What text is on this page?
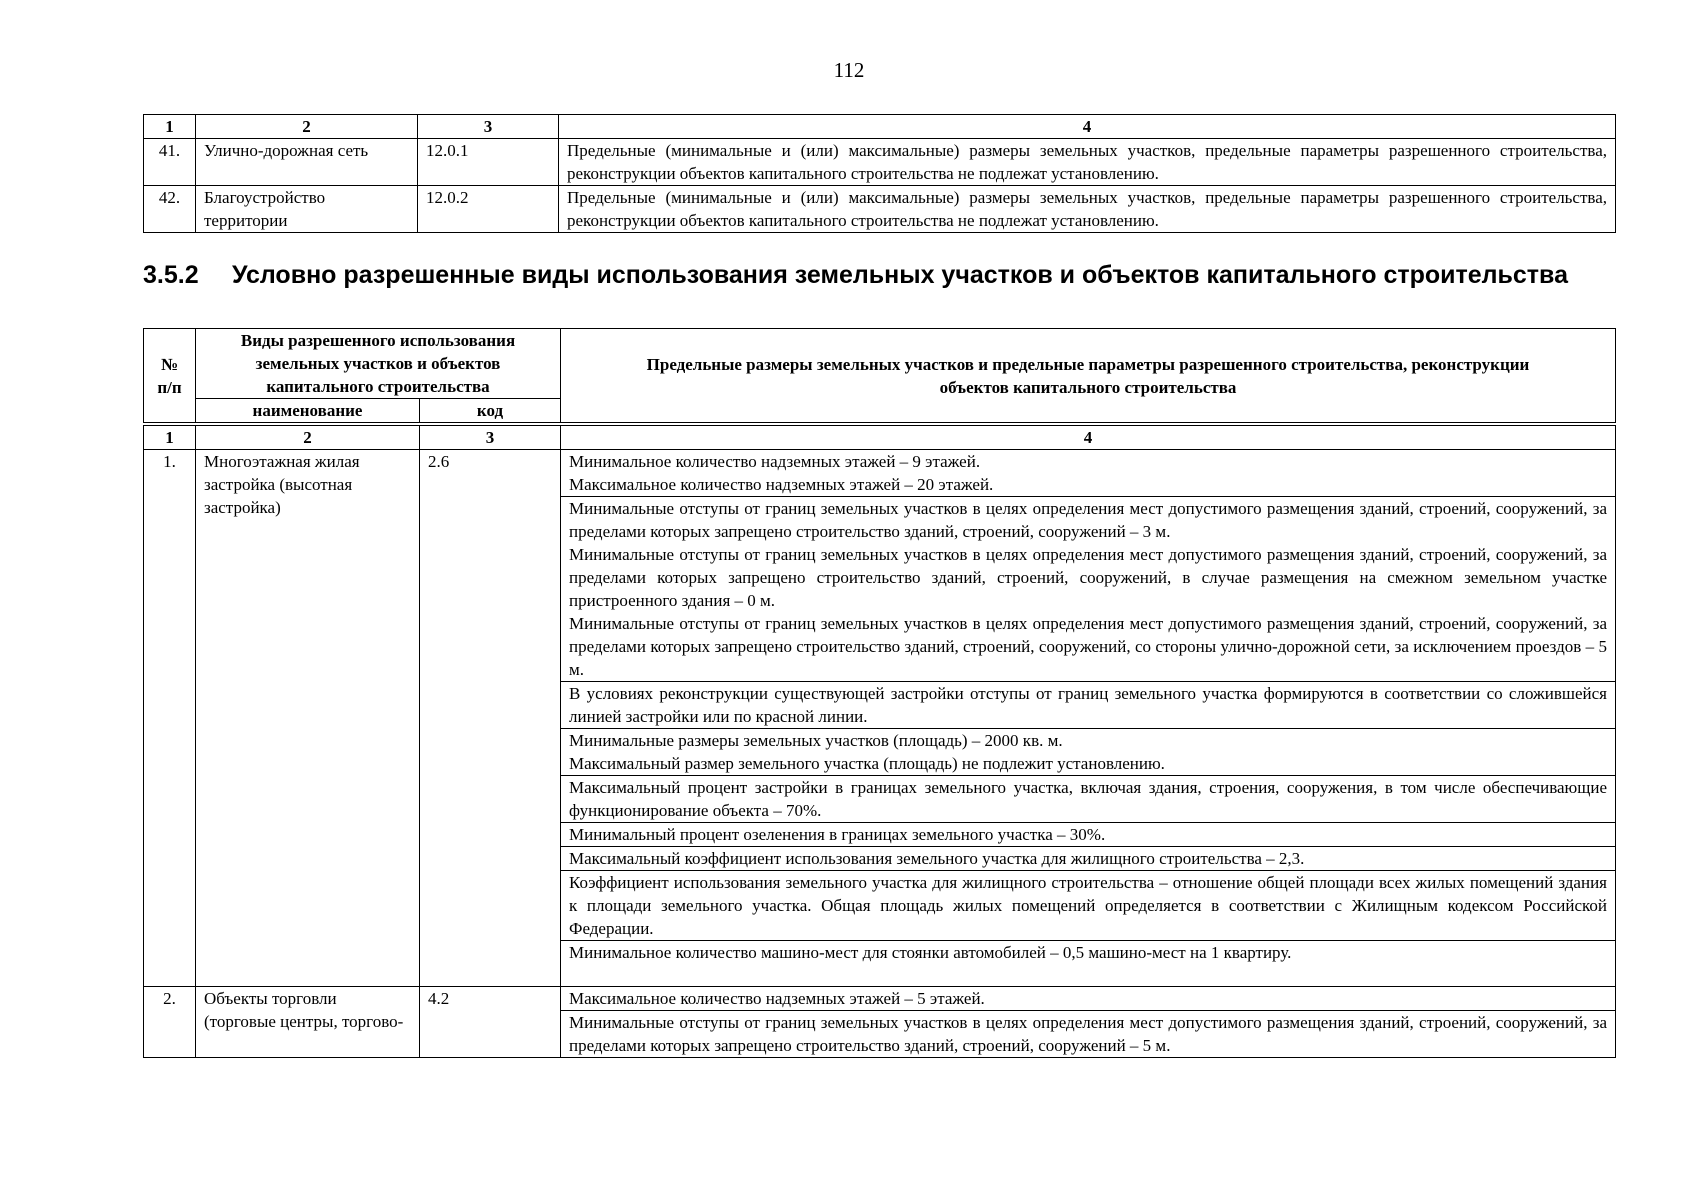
112
1	2	3	4
41.	Улично-дорожная сеть	12.0.1	Предельные (минимальные и (или) максимальные) размеры земельных участков, предельные параметры разрешенного строительства, реконструкции объектов капитального строительства не подлежат установлению.
42.	Благоустройство территории	12.0.2	Предельные (минимальные и (или) максимальные) размеры земельных участков, предельные параметры разрешенного строительства, реконструкции объектов капитального строительства не подлежат установлению.
3.5.2 Условно разрешенные виды использования земельных участков и объектов капитального строительства
№ п/п	Виды разрешенного использования земельных участков и объектов капитального строительства		Предельные размеры земельных участков и предельные параметры разрешенного строительства, реконструкции объектов капитального строительства
	наименование	код	

1	2	3	4
1.	Многоэтажная жилая застройка (высотная застройка)	2.6	Минимальное количество надземных этажей – 9 этажей.
Максимальное количество надземных этажей – 20 этажей.
			Минимальные отступы от границ земельных участков в целях определения мест допустимого размещения зданий, строений, сооружений, за пределами которых запрещено строительство зданий, строений, сооружений – 3 м.
Минимальные отступы от границ земельных участков в целях определения мест допустимого размещения зданий, строений, сооружений, за пределами которых запрещено строительство зданий, строений, сооружений, в случае размещения на смежном земельном участке пристроенного здания – 0 м.
Минимальные отступы от границ земельных участков в целях определения мест допустимого размещения зданий, строений, сооружений, за пределами которых запрещено строительство зданий, строений, сооружений, со стороны улично-дорожной сети, за исключением проездов – 5 м.
			В условиях реконструкции существующей застройки отступы от границ земельного участка формируются в соответствии со сложившейся линией застройки или по красной линии.
			Минимальные размеры земельных участков (площадь) – 2000 кв. м.
Максимальный размер земельного участка (площадь) не подлежит установлению.
			Максимальный процент застройки в границах земельного участка, включая здания, строения, сооружения, в том числе обеспечивающие функционирование объекта – 70%.
			Минимальный процент озеленения в границах земельного участка – 30%.
			Максимальный коэффициент использования земельного участка для жилищного строительства – 2,3.
			Коэффициент использования земельного участка для жилищного строительства – отношение общей площади всех жилых помещений здания к площади земельного участка. Общая площадь жилых помещений определяется в соответствии с Жилищным кодексом Российской Федерации.
			Минимальное количество машино-мест для стоянки автомобилей – 0,5 машино-мест на 1 квартиру.

2.	Объекты торговли (торговые центры, торгово-	4.2	Максимальное количество надземных этажей – 5 этажей.
			Минимальные отступы от границ земельных участков в целях определения мест допустимого размещения зданий, строений, сооружений, за пределами которых запрещено строительство зданий, строений, сооружений – 5 м.
